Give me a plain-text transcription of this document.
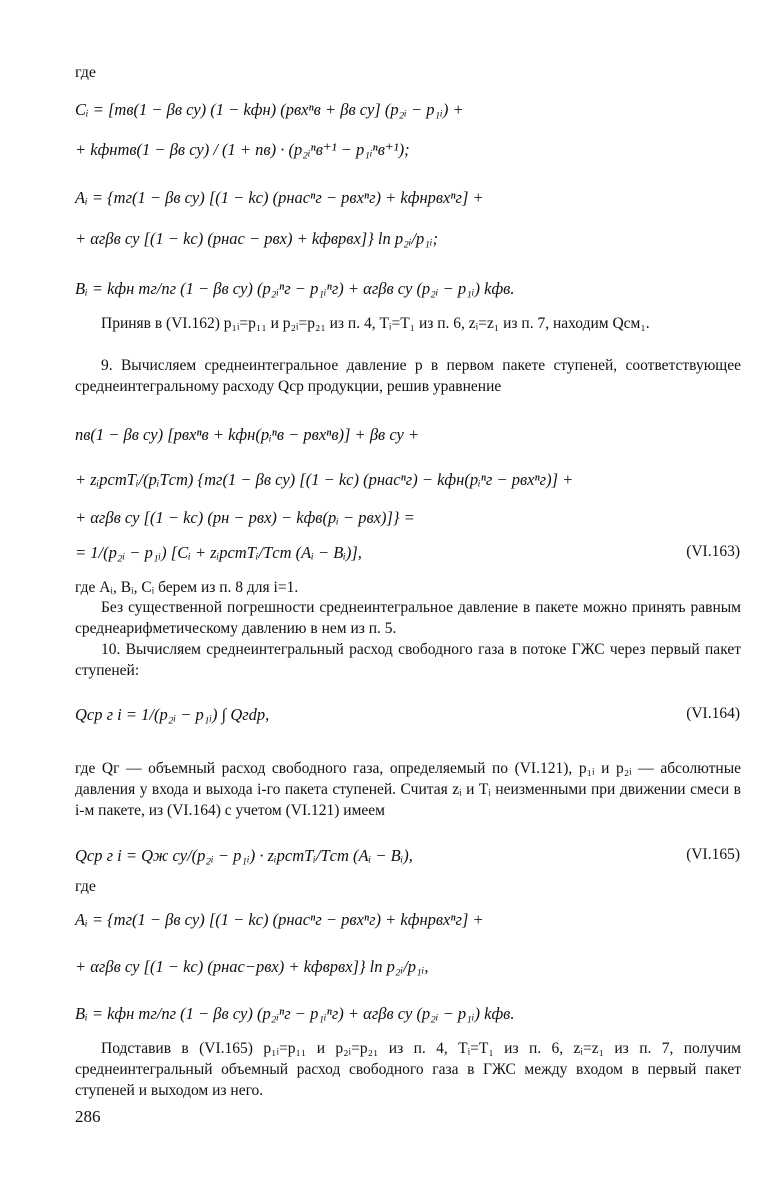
где
Cᵢ = [mв(1 − βв су) (1 − kфн) (pвхⁿв + βв су] (p₂ᵢ − p₁ᵢ) +
+ kфнmв(1 − βв су) / (1 + nв) · (p₂ᵢⁿв⁺¹ − p₁ᵢⁿв⁺¹);
Aᵢ = {mг(1 − βв су) [(1 − kс) (pнасⁿг − pвхⁿг) + kфнpвхⁿг] +
+ αгβв су [(1 − kс) (pнас − pвх) + kфвpвх]} ln p₂ᵢ/p₁ᵢ;
Bᵢ = kфн mг/nг (1 − βв су) (p₂ᵢⁿг − p₁ᵢⁿг) + αгβв су (p₂ᵢ − p₁ᵢ) kфв.
Приняв в (VI.162) p₁ᵢ=p₁₁ и p₂ᵢ=p₂₁ из п. 4, Tᵢ=T₁ из п. 6, zᵢ=z₁ из п. 7, находим Qсм₁.
9. Вычисляем среднеинтегральное давление p в первом пакете ступеней, соответствующее среднеинтегральному расходу Qср продукции, решив уравнение
nв(1 − βв су) [pвхⁿв + kфн(pᵢⁿв − pвхⁿв)] + βв су +
+ zᵢpстTᵢ/(pᵢTст) {mг(1 − βв су) [(1 − kс) (pнасⁿг) − kфн(pᵢⁿг − pвхⁿг)] +
+ αгβв су [(1 − kс) (pн − pвх) − kфв(pᵢ − pвх)]} =
= 1/(p₂ᵢ − p₁ᵢ) [Cᵢ + zᵢpстTᵢ/Tст (Aᵢ − Bᵢ)],	(VI.163)
где Aᵢ, Bᵢ, Cᵢ берем из п. 8 для i=1.
Без существенной погрешности среднеинтегральное давление в пакете можно принять равным среднеарифметическому давлению в нем из п. 5.
10. Вычисляем среднеинтегральный расход свободного газа в потоке ГЖС через первый пакет ступеней:
Qср г i = 1/(p₂ᵢ − p₁ᵢ) ∫ Qгdp,	(VI.164)
где Qг — объемный расход свободного газа, определяемый по (VI.121), p₁ᵢ и p₂ᵢ — абсолютные давления у входа и выхода i-го пакета ступеней. Считая zᵢ и Tᵢ неизменными при движении смеси в i-м пакете, из (VI.164) с учетом (VI.121) имеем
Qср г i = Qж су/(p₂ᵢ − p₁ᵢ) · zᵢpстTᵢ/Tст (Aᵢ − Bᵢ),	(VI.165)
где
Aᵢ = {mг(1 − βв су) [(1 − kс) (pнасⁿг − pвхⁿг) + kфнpвхⁿг] +
+ αгβв су [(1 − kс) (pнас−pвх) + kфвpвх]} ln p₂ᵢ/p₁ᵢ,
Bᵢ = kфн mг/nг (1 − βв су) (p₂ᵢⁿг − p₁ᵢⁿг) + αгβв су (p₂ᵢ − p₁ᵢ) kфв.
Подставив в (VI.165) p₁ᵢ=p₁₁ и p₂ᵢ=p₂₁ из п. 4, Tᵢ=T₁ из п. 6, zᵢ=z₁ из п. 7, получим среднеинтегральный объемный расход свободного газа в ГЖС между входом в первый пакет ступеней и выходом из него.
286
